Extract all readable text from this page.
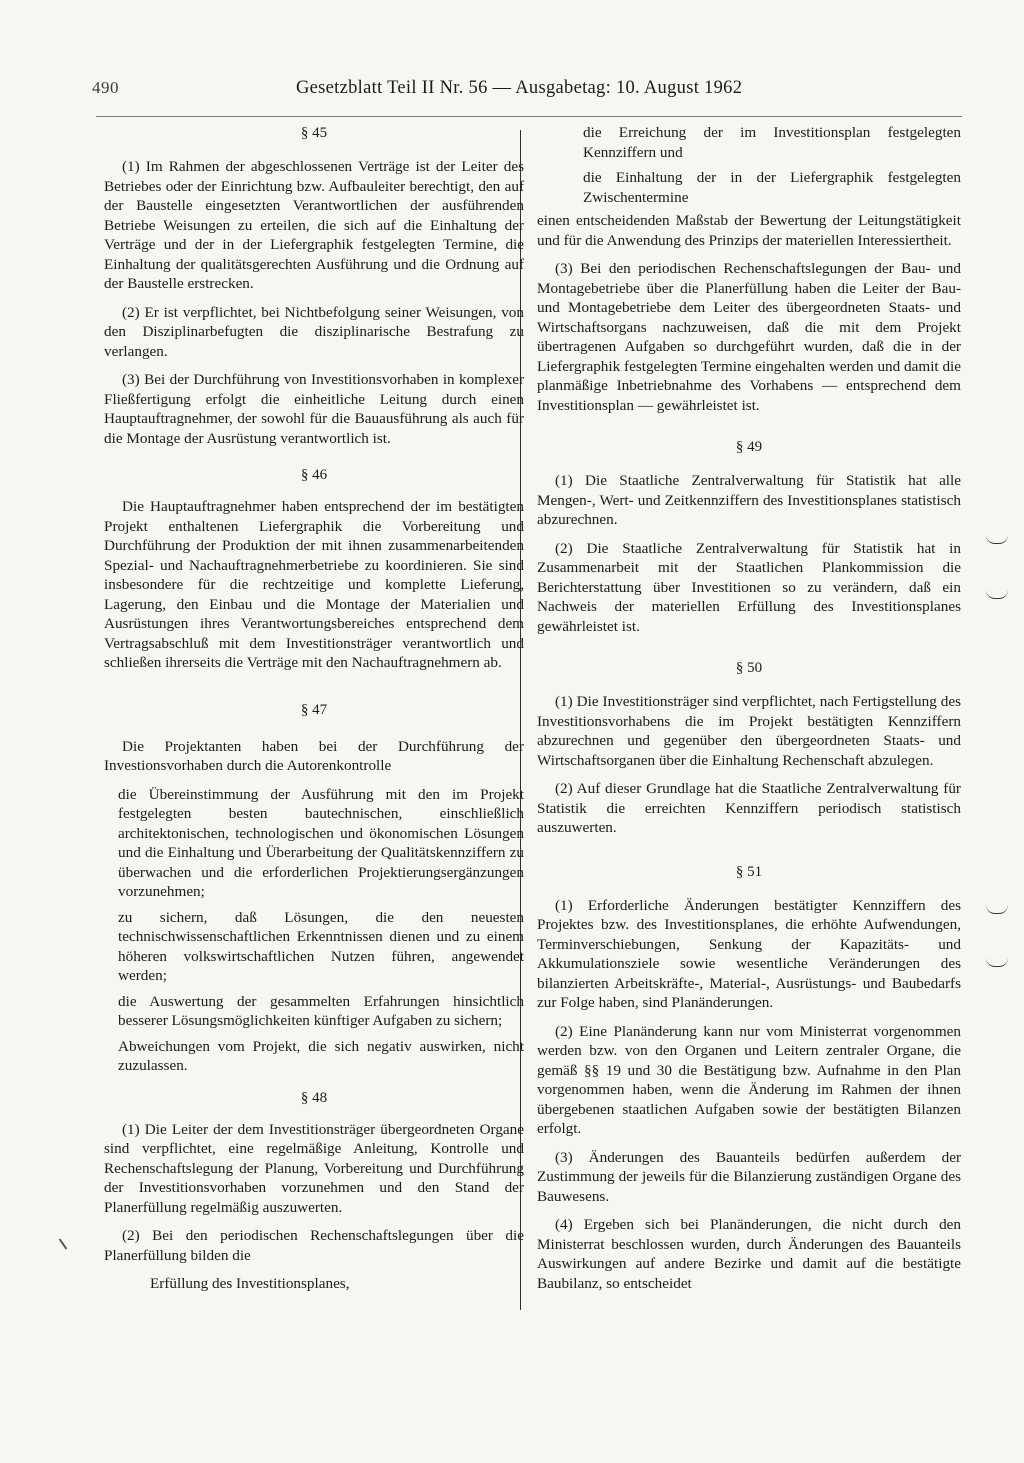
490	Gesetzblatt Teil II Nr. 56 — Ausgabetag: 10. August 1962
§ 45

(1) Im Rahmen der abgeschlossenen Verträge ist der Leiter des Betriebes oder der Einrichtung bzw. Aufbauleiter berechtigt, den auf der Baustelle eingesetzten Verantwortlichen der ausführenden Betriebe Weisungen zu erteilen, die sich auf die Einhaltung der Verträge und der in der Liefergraphik festgelegten Termine, die Einhaltung der qualitätsgerechten Ausführung und die Ordnung auf der Baustelle erstrecken.

(2) Er ist verpflichtet, bei Nichtbefolgung seiner Weisungen, von den Disziplinarbefugten die disziplinarische Bestrafung zu verlangen.

(3) Bei der Durchführung von Investitionsvorhaben in komplexer Fließfertigung erfolgt die einheitliche Leitung durch einen Hauptauftragnehmer, der sowohl für die Bauausführung als auch für die Montage der Ausrüstung verantwortlich ist.

§ 46

Die Hauptauftragnehmer haben entsprechend der im bestätigten Projekt enthaltenen Liefergraphik die Vorbereitung und Durchführung der Produktion der mit ihnen zusammenarbeitenden Spezial- und Nachauftragnehmerbetriebe zu koordinieren. Sie sind insbesondere für die rechtzeitige und komplette Lieferung, Lagerung, den Einbau und die Montage der Materialien und Ausrüstungen ihres Verantwortungsbereiches entsprechend dem Vertragsabschluß mit dem Investitionsträger verantwortlich und schließen ihrerseits die Verträge mit den Nachauftragnehmern ab.

§ 47

Die Projektanten haben bei der Durchführung der Investionsvorhaben durch die Autorenkontrolle

die Übereinstimmung der Ausführung mit den im Projekt festgelegten besten bautechnischen, einschließlich architektonischen, technologischen und ökonomischen Lösungen und die Einhaltung und Überarbeitung der Qualitätskennziffern zu überwachen und die erforderlichen Projektierungsergänzungen vorzunehmen;

zu sichern, daß Lösungen, die den neuesten technischwissenschaftlichen Erkenntnissen dienen und zu einem höheren volkswirtschaftlichen Nutzen führen, angewendet werden;

die Auswertung der gesammelten Erfahrungen hinsichtlich besserer Lösungsmöglichkeiten künftiger Aufgaben zu sichern;

Abweichungen vom Projekt, die sich negativ auswirken, nicht zuzulassen.

§ 48

(1) Die Leiter der dem Investitionsträger übergeordneten Organe sind verpflichtet, eine regelmäßige Anleitung, Kontrolle und Rechenschaftslegung der Planung, Vorbereitung und Durchführung der Investitionsvorhaben vorzunehmen und den Stand der Planerfüllung regelmäßig auszuwerten.

(2) Bei den periodischen Rechenschaftslegungen über die Planerfüllung bilden die

Erfüllung des Investitionsplanes,

die Erreichung der im Investitionsplan festgelegten Kennziffern und

die Einhaltung der in der Liefergraphik festgelegten Zwischentermine

einen entscheidenden Maßstab der Bewertung der Leitungstätigkeit und für die Anwendung des Prinzips der materiellen Interessiertheit.

(3) Bei den periodischen Rechenschaftslegungen der Bau- und Montagebetriebe über die Planerfüllung haben die Leiter der Bau- und Montagebetriebe dem Leiter des übergeordneten Staats- und Wirtschaftsorgans nachzuweisen, daß die mit dem Projekt übertragenen Aufgaben so durchgeführt wurden, daß die in der Liefergraphik festgelegten Termine eingehalten werden und damit die planmäßige Inbetriebnahme des Vorhabens — entsprechend dem Investitionsplan — gewährleistet ist.

§ 49

(1) Die Staatliche Zentralverwaltung für Statistik hat alle Mengen-, Wert- und Zeitkennziffern des Investitionsplanes statistisch abzurechnen.

(2) Die Staatliche Zentralverwaltung für Statistik hat in Zusammenarbeit mit der Staatlichen Plankommission die Berichterstattung über Investitionen so zu verändern, daß ein Nachweis der materiellen Erfüllung des Investitionsplanes gewährleistet ist.

§ 50

(1) Die Investitionsträger sind verpflichtet, nach Fertigstellung des Investitionsvorhabens die im Projekt bestätigten Kennziffern abzurechnen und gegenüber den übergeordneten Staats- und Wirtschaftsorganen über die Einhaltung Rechenschaft abzulegen.

(2) Auf dieser Grundlage hat die Staatliche Zentralverwaltung für Statistik die erreichten Kennziffern periodisch statistisch auszuwerten.

§ 51

(1) Erforderliche Änderungen bestätigter Kennziffern des Projektes bzw. des Investitionsplanes, die erhöhte Aufwendungen, Terminverschiebungen, Senkung der Kapazitäts- und Akkumulationsziele sowie wesentliche Veränderungen des bilanzierten Arbeitskräfte-, Material-, Ausrüstungs- und Baubedarfs zur Folge haben, sind Planänderungen.

(2) Eine Planänderung kann nur vom Ministerrat vorgenommen werden bzw. von den Organen und Leitern zentraler Organe, die gemäß §§ 19 und 30 die Bestätigung bzw. Aufnahme in den Plan vorgenommen haben, wenn die Änderung im Rahmen der ihnen übergebenen staatlichen Aufgaben sowie der bestätigten Bilanzen erfolgt.

(3) Änderungen des Bauanteils bedürfen außerdem der Zustimmung der jeweils für die Bilanzierung zuständigen Organe des Bauwesens.

(4) Ergeben sich bei Planänderungen, die nicht durch den Ministerrat beschlossen wurden, durch Änderungen des Bauanteils Auswirkungen auf andere Bezirke und damit auf die bestätigte Baubilanz, so entscheidet
